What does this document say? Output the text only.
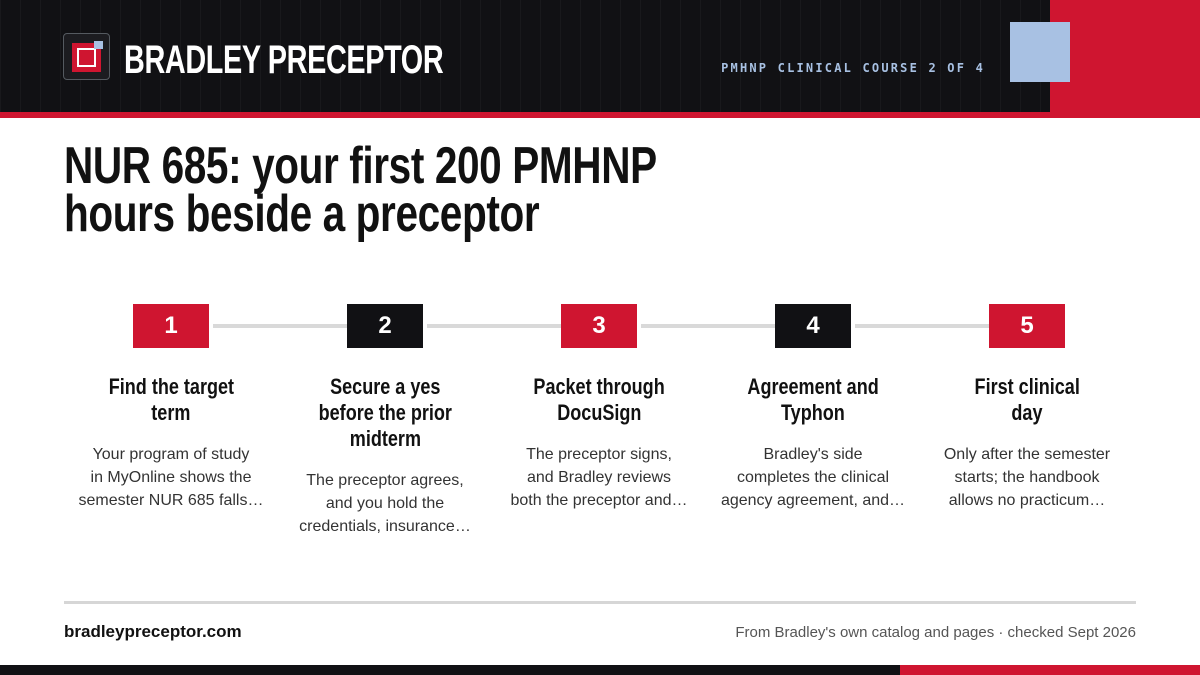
BRADLEY PRECEPTOR	PMHNP CLINICAL COURSE 2 OF 4
NUR 685: your first 200 PMHNP
hours beside a preceptor
1
Find the target
term
Your program of study
in MyOnline shows the
semester NUR 685 falls…
2
Secure a yes
before the prior
midterm
The preceptor agrees,
and you hold the
credentials, insurance…
3
Packet through
DocuSign
The preceptor signs,
and Bradley reviews
both the preceptor and…
4
Agreement and
Typhon
Bradley's side
completes the clinical
agency agreement, and…
5
First clinical
day
Only after the semester
starts; the handbook
allows no practicum…
bradleypreceptor.com	From Bradley's own catalog and pages · checked Sept 2026
